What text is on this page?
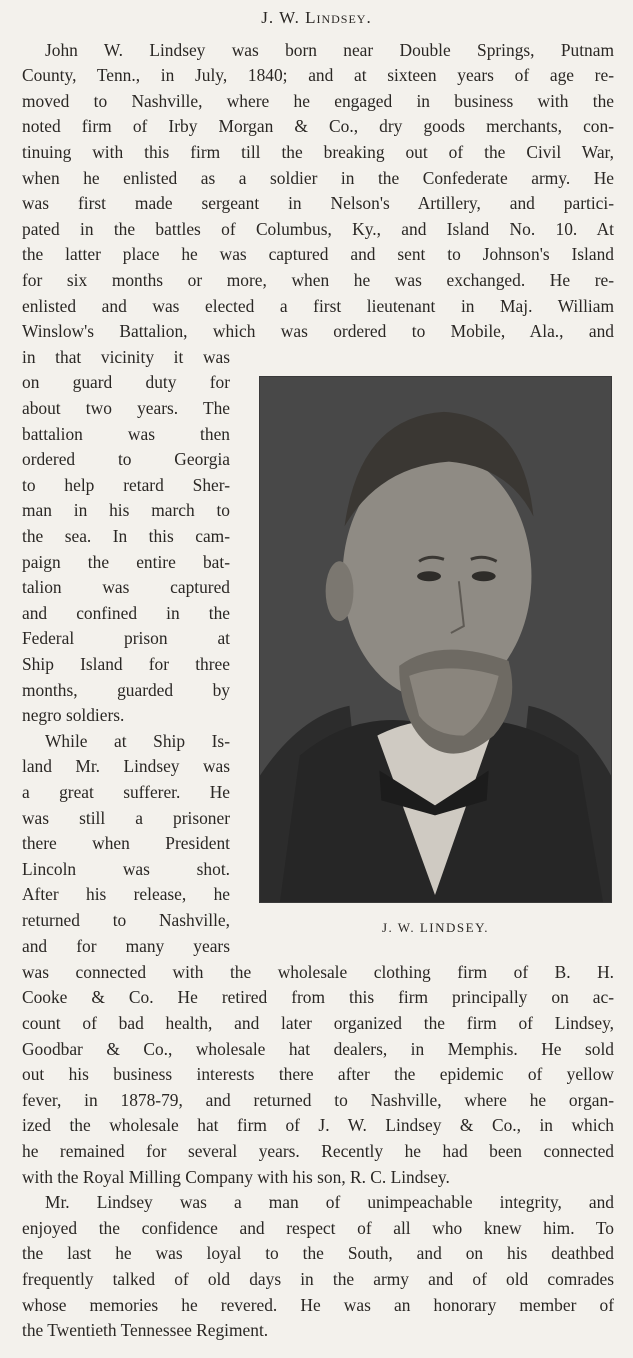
J. W. Lindsey.
John W. Lindsey was born near Double Springs, Putnam
County, Tenn., in July, 1840; and at sixteen years of age re-
moved to Nashville, where he engaged in business with the
noted firm of Irby Morgan & Co., dry goods merchants, con-
tinuing with this firm till the breaking out of the Civil War,
when he enlisted as a soldier in the Confederate army. He
was first made sergeant in Nelson's Artillery, and partici-
pated in the battles of Columbus, Ky., and Island No. 10. At
the latter place he was captured and sent to Johnson's Island
for six months or more, when he was exchanged. He re-
enlisted and was elected a first lieutenant in Maj. William
Winslow's Battalion, which was ordered to Mobile, Ala., and
in that vicinity it was
on guard duty for
about two years. The
battalion was then
ordered to Georgia
to help retard Sher-
man in his march to
the sea. In this cam-
paign the entire bat-
talion was captured
and confined in the
Federal prison at
Ship Island for three
months, guarded by
negro soldiers.
While at Ship Is-
land Mr. Lindsey was
a great sufferer. He
was still a prisoner
there when President
Lincoln was shot.
After his release, he
returned to Nashville,
and for many years
was connected with the wholesale clothing firm of B. H.
Cooke & Co. He retired from this firm principally on ac-
count of bad health, and later organized the firm of Lindsey,
Goodbar & Co., wholesale hat dealers, in Memphis. He sold
out his business interests there after the epidemic of yellow
fever, in 1878-79, and returned to Nashville, where he organ-
ized the wholesale hat firm of J. W. Lindsey & Co., in which
he remained for several years. Recently he had been connected
with the Royal Milling Company with his son, R. C. Lindsey.
Mr. Lindsey was a man of unimpeachable integrity, and
enjoyed the confidence and respect of all who knew him. To
the last he was loyal to the South, and on his deathbed
frequently talked of old days in the army and of old comrades
whose memories he revered. He was an honorary member of
the Twentieth Tennessee Regiment.
J. W. LINDSEY.
